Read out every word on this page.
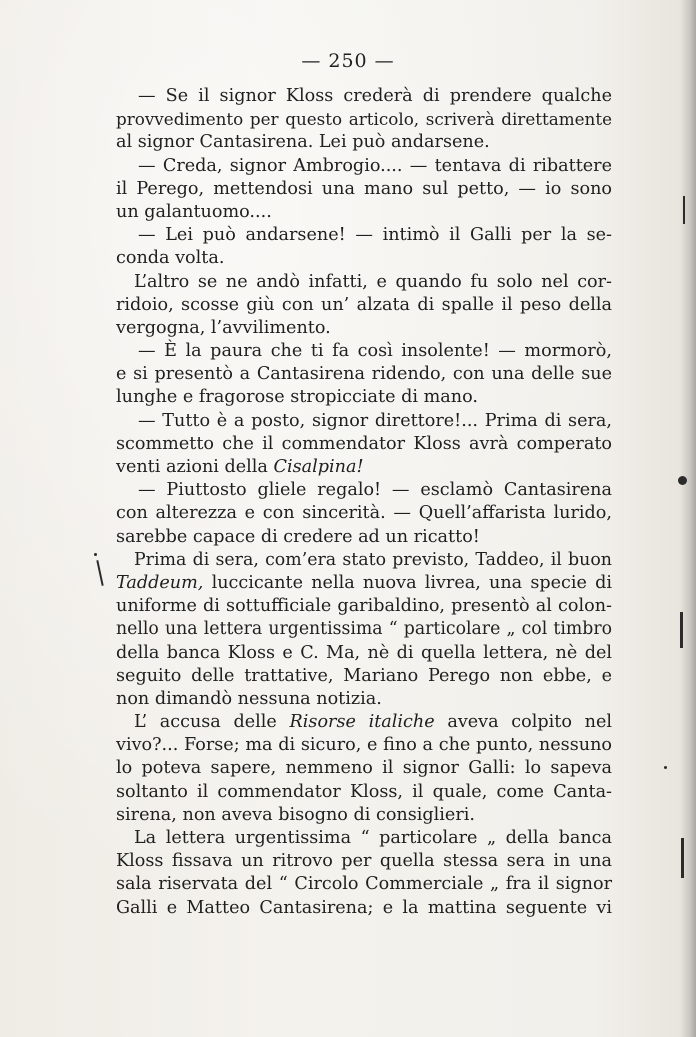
— 250 —
— Se il signor Kloss crederà di prendere qualche
provvedimento per questo articolo, scriverà direttamente
al signor Cantasirena. Lei può andarsene.
— Creda, signor Ambrogio.... — tentava di ribattere
il Perego, mettendosi una mano sul petto, — io sono
un galantuomo....
— Lei può andarsene! — intimò il Galli per la se-
conda volta.
L’altro se ne andò infatti, e quando fu solo nel cor-
ridoio, scosse giù con un’ alzata di spalle il peso della
vergogna, l’avvilimento.
— È la paura che ti fa così insolente! — mormorò,
e si presentò a Cantasirena ridendo, con una delle sue
lunghe e fragorose stropicciate di mano.
— Tutto è a posto, signor direttore!... Prima di sera,
scommetto che il commendator Kloss avrà comperato
venti azioni della Cisalpina!
— Piuttosto gliele regalo! — esclamò Cantasirena
con alterezza e con sincerità. — Quell’affarista lurido,
sarebbe capace di credere ad un ricatto!
Prima di sera, com’era stato previsto, Taddeo, il buon
Taddeum, luccicante nella nuova livrea, una specie di
uniforme di sottufficiale garibaldino, presentò al colon-
nello una lettera urgentissima “ particolare „ col timbro
della banca Kloss e C. Ma, nè di quella lettera, nè del
seguito delle trattative, Mariano Perego non ebbe, e
non dimandò nessuna notizia.
L’ accusa delle Risorse italiche aveva colpito nel
vivo?... Forse; ma di sicuro, e fino a che punto, nessuno
lo poteva sapere, nemmeno il signor Galli: lo sapeva
soltanto il commendator Kloss, il quale, come Canta-
sirena, non aveva bisogno di consiglieri.
La lettera urgentissima “ particolare „ della banca
Kloss fissava un ritrovo per quella stessa sera in una
sala riservata del “ Circolo Commerciale „ fra il signor
Galli e Matteo Cantasirena; e la mattina seguente vi
